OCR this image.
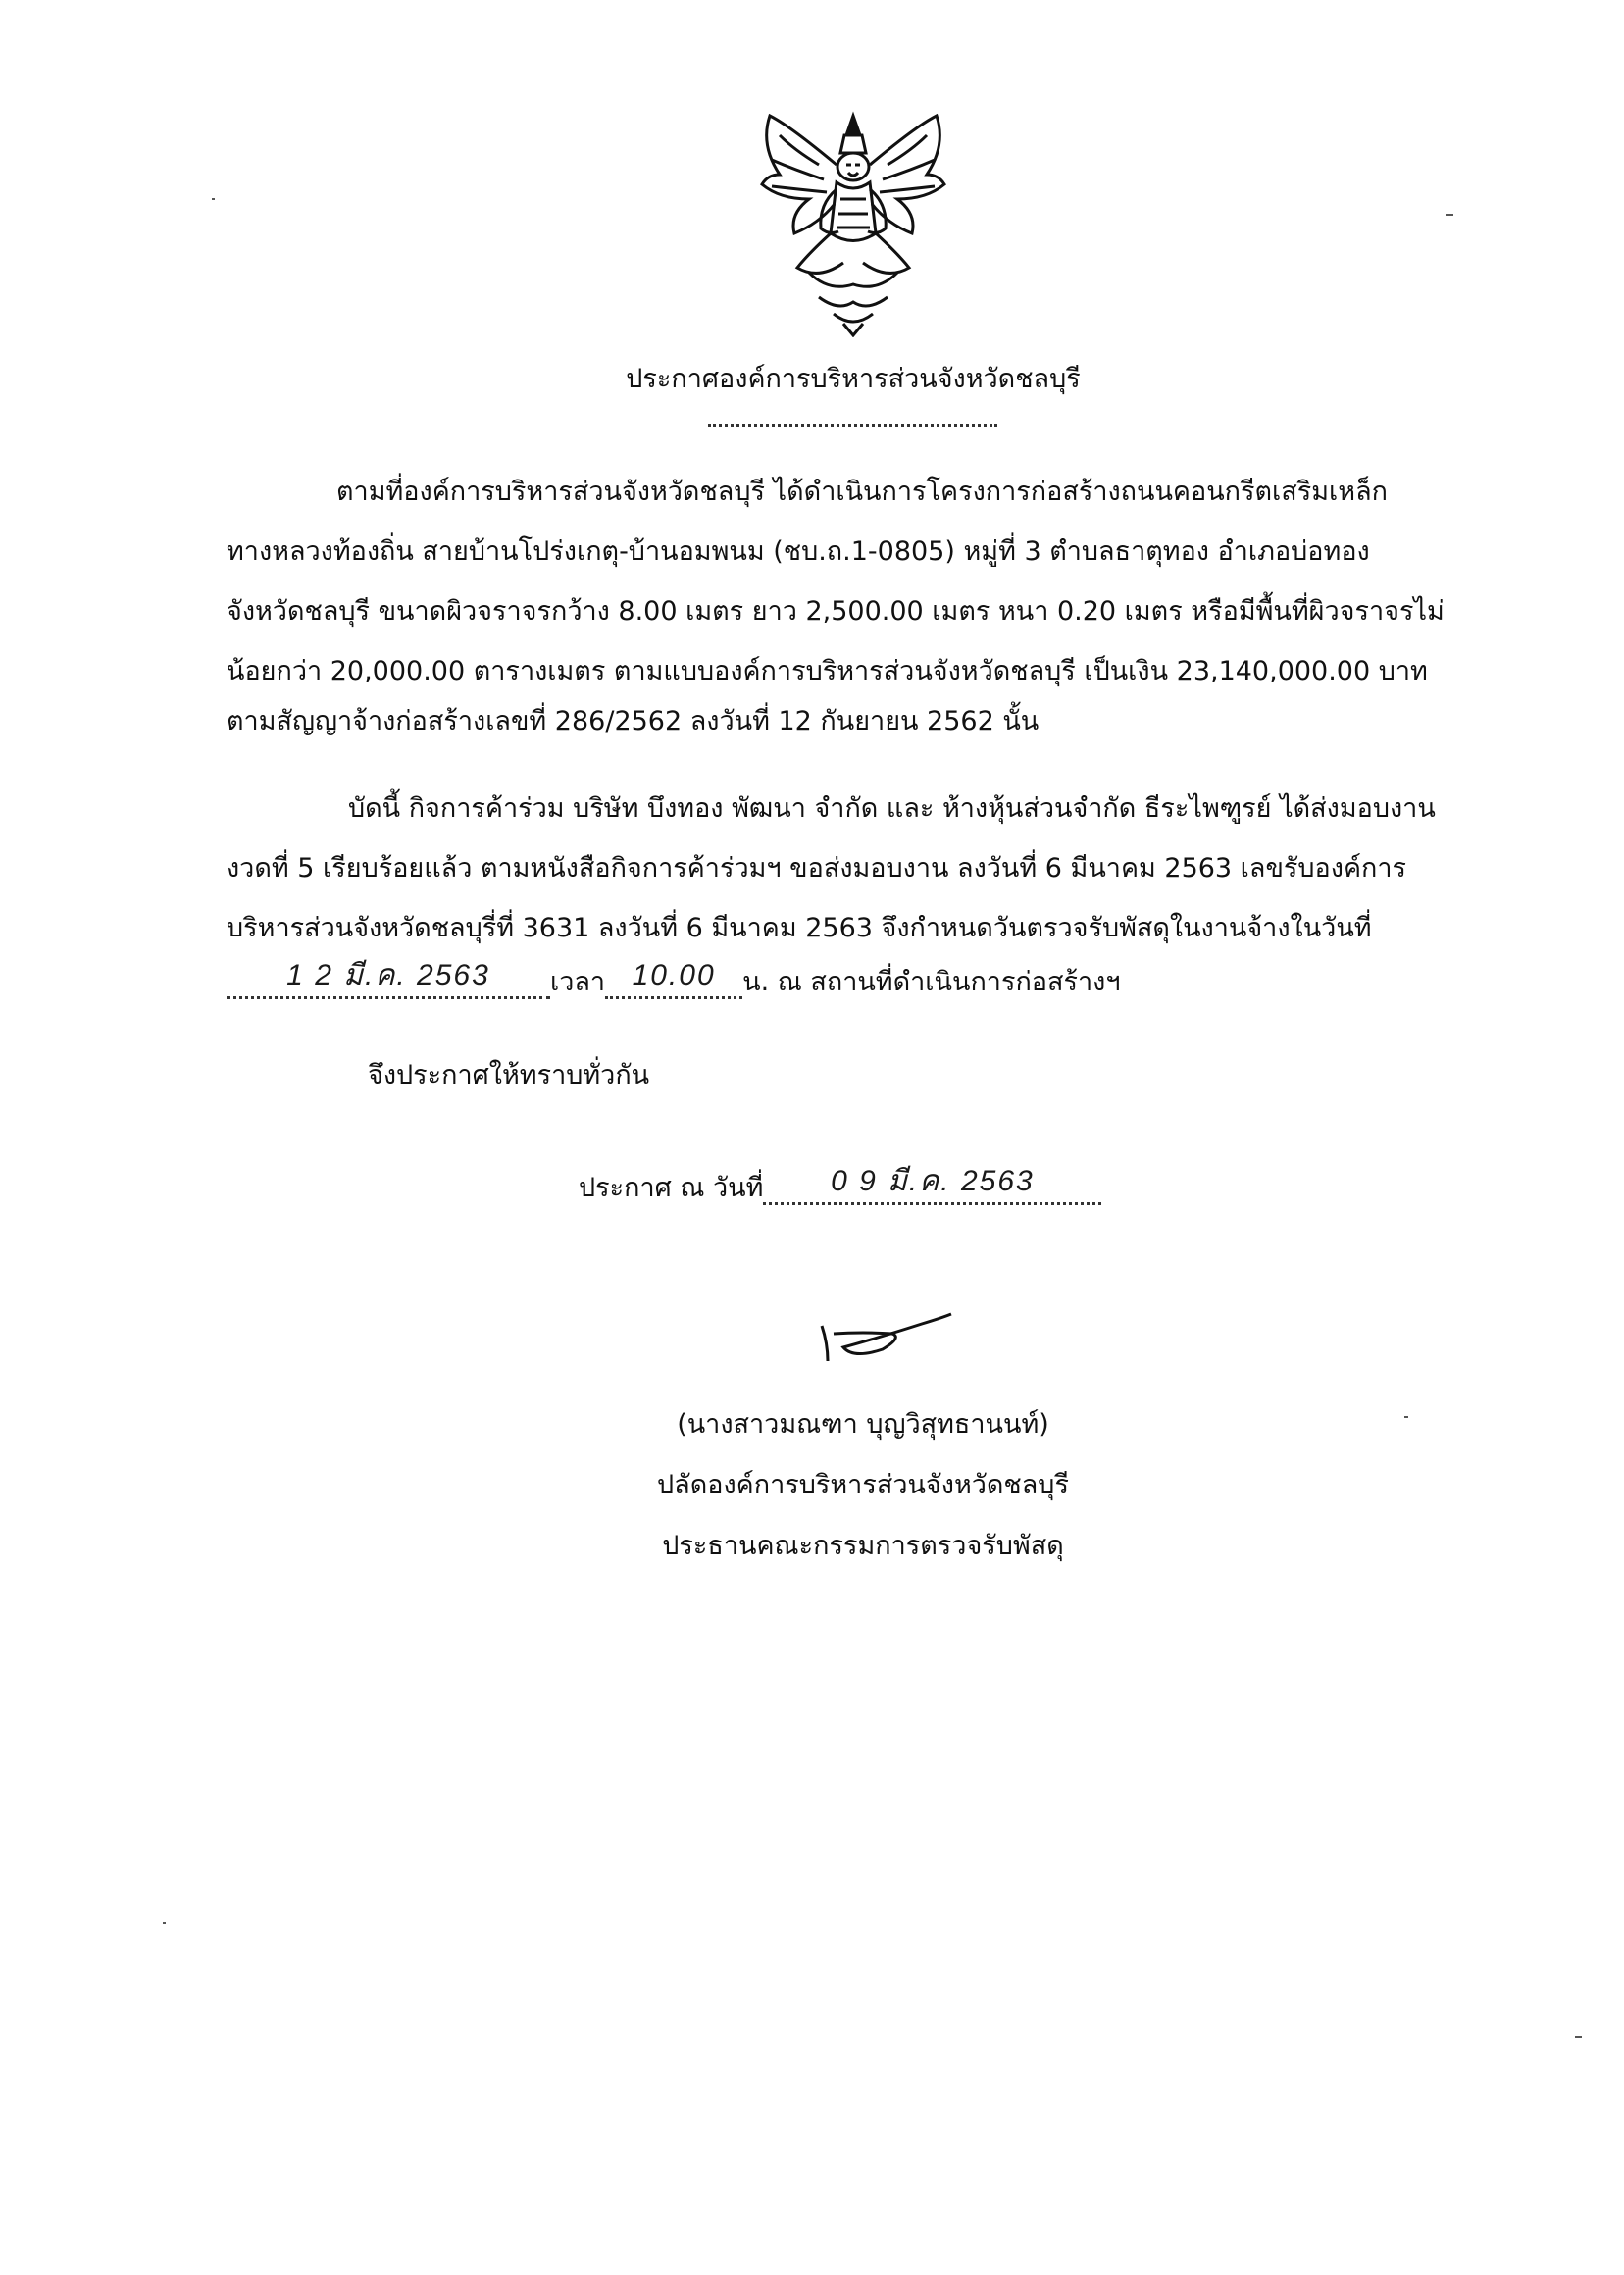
ประกาศองค์การบริหารส่วนจังหวัดชลบุรี
ตามที่องค์การบริหารส่วนจังหวัดชลบุรี ได้ดำเนินการโครงการก่อสร้างถนนคอนกรีตเสริมเหล็ก
ทางหลวงท้องถิ่น สายบ้านโปร่งเกตุ-บ้านอมพนม (ชบ.ถ.1-0805) หมู่ที่ 3 ตำบลธาตุทอง อำเภอบ่อทอง
จังหวัดชลบุรี ขนาดผิวจราจรกว้าง 8.00 เมตร ยาว 2,500.00 เมตร หนา 0.20 เมตร หรือมีพื้นที่ผิวจราจรไม่
น้อยกว่า 20,000.00 ตารางเมตร ตามแบบองค์การบริหารส่วนจังหวัดชลบุรี เป็นเงิน 23,140,000.00 บาท
ตามสัญญาจ้างก่อสร้างเลขที่ 286/2562 ลงวันที่ 12 กันยายน 2562 นั้น
บัดนี้ กิจการค้าร่วม บริษัท บึงทอง พัฒนา จำกัด และ ห้างหุ้นส่วนจำกัด ธีระไพฑูรย์ ได้ส่งมอบงาน
งวดที่ 5 เรียบร้อยแล้ว ตามหนังสือกิจการค้าร่วมฯ ขอส่งมอบงาน ลงวันที่ 6 มีนาคม 2563 เลขรับองค์การ
บริหารส่วนจังหวัดชลบุรี่ที่ 3631 ลงวันที่ 6 มีนาคม 2563 จึงกำหนดวันตรวจรับพัสดุในงานจ้างในวันที่
1 2 มี.ค. 2563	เวลา 10.00	น. ณ สถานที่ดำเนินการก่อสร้างฯ
จึงประกาศให้ทราบทั่วกัน
ประกาศ ณ วันที่	0 9 มี.ค. 2563
(นางสาวมณฑา บุญวิสุทธานนท์)
ปลัดองค์การบริหารส่วนจังหวัดชลบุรี
ประธานคณะกรรมการตรวจรับพัสดุ
